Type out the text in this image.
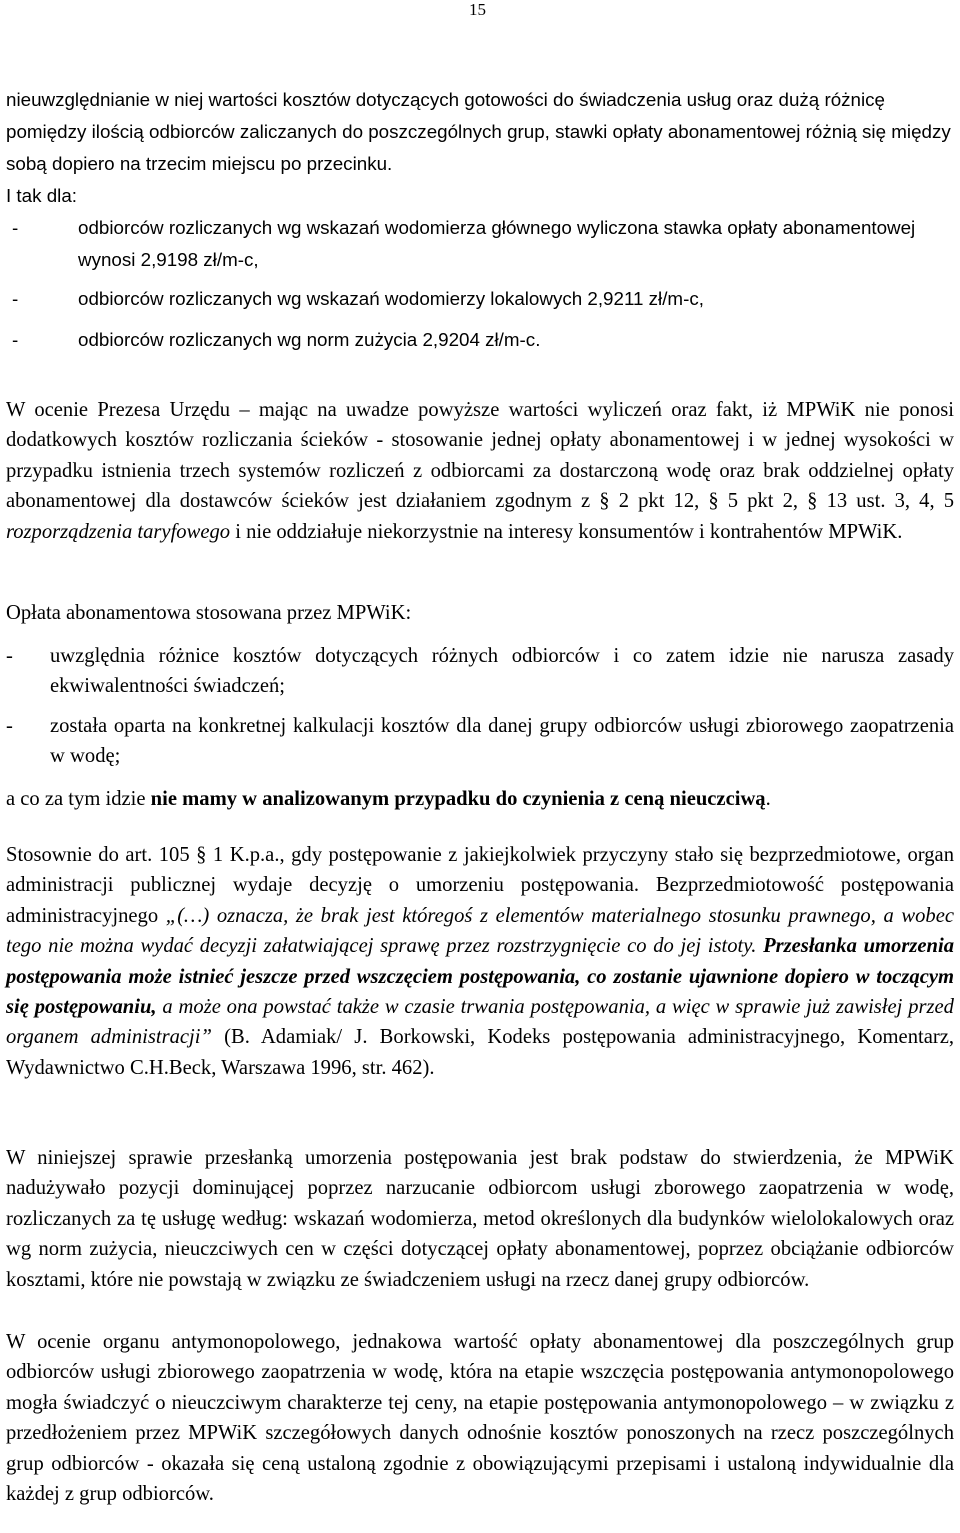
15

nieuwzględnianie w niej wartości kosztów dotyczących gotowości do świadczenia usług oraz dużą różnicę pomiędzy ilością odbiorców zaliczanych do poszczególnych grup, stawki opłaty abonamentowej różnią się między sobą dopiero na trzecim miejscu po przecinku.
I tak dla:

-	odbiorców rozliczanych wg wskazań wodomierza głównego wyliczona stawka opłaty abonamentowej wynosi 2,9198 zł/m-c,

-	odbiorców rozliczanych wg wskazań wodomierzy lokalowych 2,9211 zł/m-c,

-	odbiorców rozliczanych wg norm zużycia 2,9204 zł/m-c.

W ocenie Prezesa Urzędu – mając na uwadze powyższe wartości wyliczeń oraz fakt, iż MPWiK nie ponosi dodatkowych kosztów rozliczania ścieków - stosowanie jednej opłaty abonamentowej i w jednej wysokości w przypadku istnienia trzech systemów rozliczeń z odbiorcami za dostarczoną wodę oraz brak oddzielnej opłaty abonamentowej dla dostawców ścieków jest działaniem zgodnym z § 2 pkt 12, § 5 pkt 2, § 13 ust. 3, 4, 5 rozporządzenia taryfowego i nie oddziałuje niekorzystnie na interesy konsumentów i kontrahentów MPWiK.

Opłata abonamentowa stosowana przez MPWiK:

- uwzględnia różnice kosztów dotyczących różnych odbiorców i co zatem idzie nie narusza zasady ekwiwalentności świadczeń;

- została oparta na konkretnej kalkulacji kosztów dla danej grupy odbiorców usługi zbiorowego zaopatrzenia w wodę;

a co za tym idzie nie mamy w analizowanym przypadku do czynienia z ceną nieuczciwą.

Stosownie do art. 105 § 1 K.p.a., gdy postępowanie z jakiejkolwiek przyczyny stało się bezprzedmiotowe, organ administracji publicznej wydaje decyzję o umorzeniu postępowania. Bezprzedmiotowość postępowania administracyjnego „(…) oznacza, że brak jest któregoś z elementów materialnego stosunku prawnego, a wobec tego nie można wydać decyzji załatwiającej sprawę przez rozstrzygnięcie co do jej istoty. Przesłanka umorzenia postępowania może istnieć jeszcze przed wszczęciem postępowania, co zostanie ujawnione dopiero w toczącym się postępowaniu, a może ona powstać także w czasie trwania postępowania, a więc w sprawie już zawisłej przed organem administracji” (B. Adamiak/ J. Borkowski, Kodeks postępowania administracyjnego, Komentarz, Wydawnictwo C.H.Beck, Warszawa 1996, str. 462).

W niniejszej sprawie przesłanką umorzenia postępowania jest brak podstaw do stwierdzenia, że MPWiK nadużywało pozycji dominującej poprzez narzucanie odbiorcom usługi zborowego zaopatrzenia w wodę, rozliczanych za tę usługę według: wskazań wodomierza, metod określonych dla budynków wielolokalowych oraz wg norm zużycia, nieuczciwych cen w części dotyczącej opłaty abonamentowej, poprzez obciążanie odbiorców kosztami, które nie powstają w związku ze świadczeniem usługi na rzecz danej grupy odbiorców.

W ocenie organu antymonopolowego, jednakowa wartość opłaty abonamentowej dla poszczególnych grup odbiorców usługi zbiorowego zaopatrzenia w wodę, która na etapie wszczęcia postępowania antymonopolowego mogła świadczyć o nieuczciwym charakterze tej ceny, na etapie postępowania antymonopolowego – w związku z przedłożeniem przez MPWiK szczegółowych danych odnośnie kosztów ponoszonych na rzecz poszczególnych grup odbiorców - okazała się ceną ustaloną zgodnie z obowiązującymi przepisami i ustaloną indywidualnie dla każdej z grup odbiorców.
